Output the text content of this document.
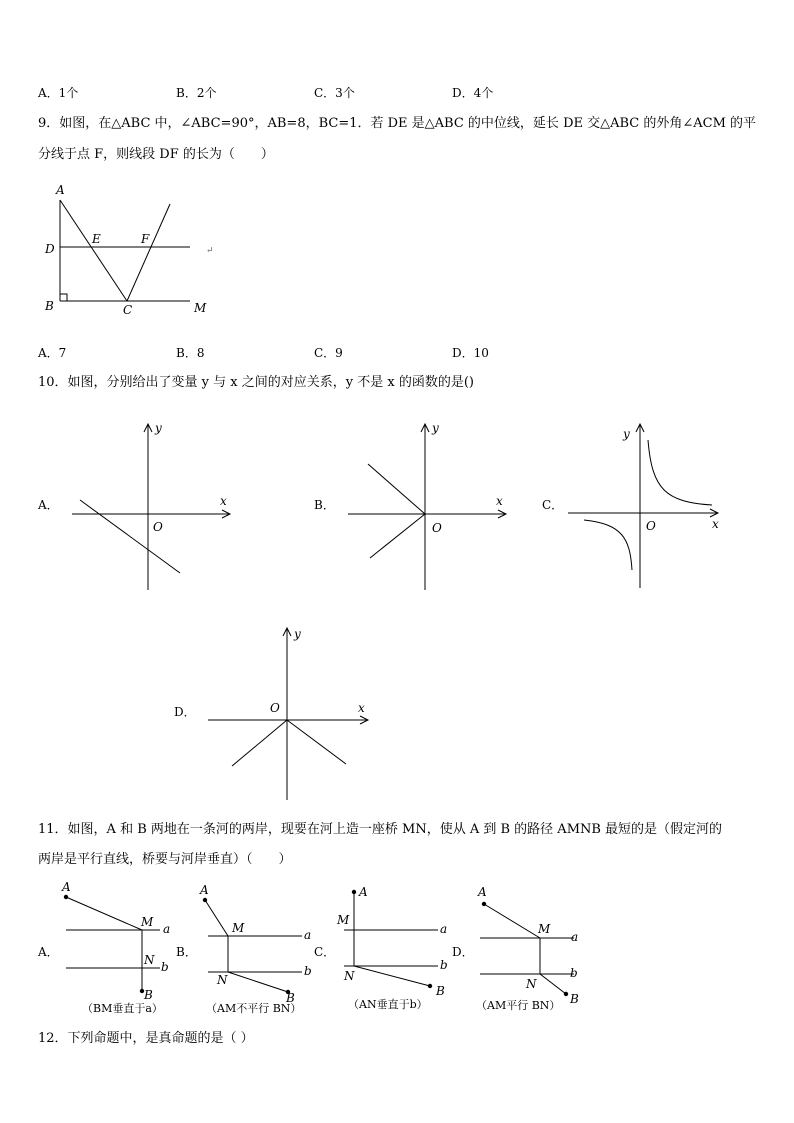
A．1个	B．2个	C．3个	D．4个
9．如图，在△ABC 中，∠ABC=90°，AB=8，BC=1．若 DE 是△ABC 的中位线，延长 DE 交△ABC 的外角∠ACM 的平
分线于点 F，则线段 DF 的长为（　　）
A
D
E	F
B	C	M
↵
A．7	B．8	C．9	D．10
10．如图，分别给出了变量 y 与 x 之间的对应关系，y 不是 x 的函数的是()
A．	x
y
O
B．	x
y
O
C．
x
y
O
D．	x
y
O
11．如图，A 和 B 两地在一条河的两岸，现要在河上造一座桥 MN，使从 A 到 B 的路径 AMNB 最短的是（假定河的
两岸是平行直线，桥要与河岸垂直）（　　）
A．
A
M a
N b
B
（BM垂直于a）
B．
A
M	a
N
b
B
（AM不平行 BN）
C．
A
M
a
N
b
B
（AN垂直于b）
D．
A
M
a
N
b
B
（AM平行 BN）
12．下列命题中，是真命题的是（ ）
